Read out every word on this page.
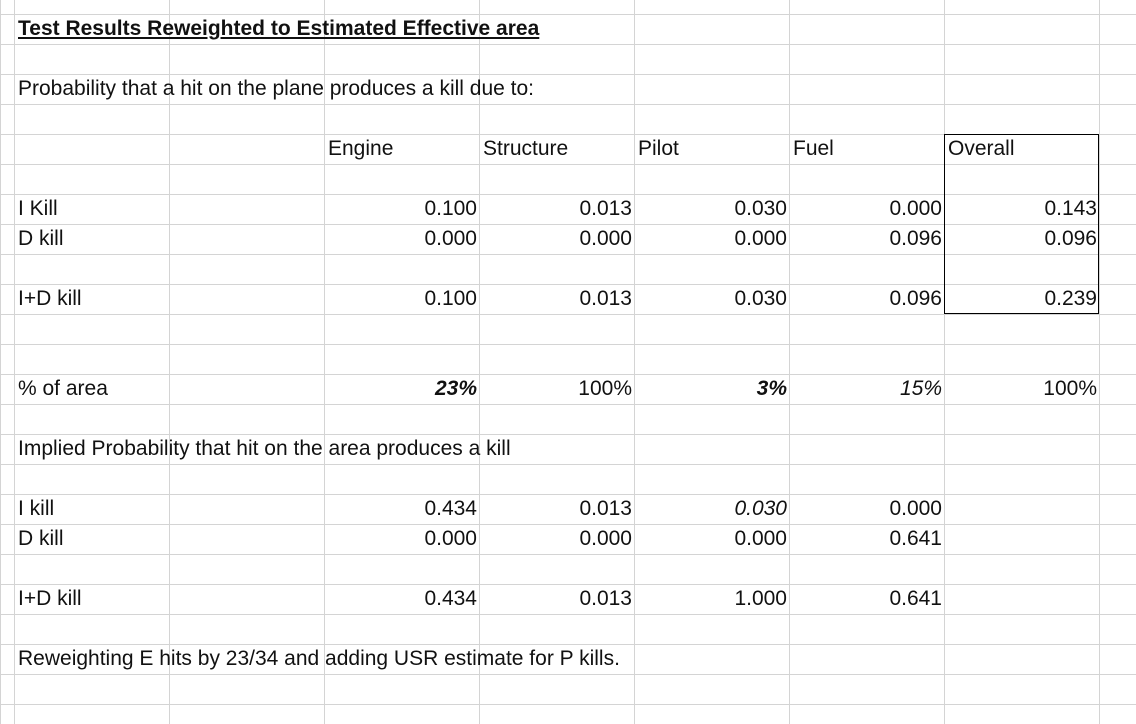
Test Results Reweighted to Estimated Effective area
Probability that a hit on the plane produces a kill due to:
Engine	Structure	Pilot	Fuel	Overall
I Kill	0.100	0.013	0.030	0.000	0.143
D kill	0.000	0.000	0.000	0.096	0.096
I+D kill	0.100	0.013	0.030	0.096	0.239
% of area	23%	100%	3%	15%	100%
Implied Probability that hit on the area produces a kill
I kill	0.434	0.013	0.030	0.000
D kill	0.000	0.000	0.000	0.641
I+D kill	0.434	0.013	1.000	0.641
Reweighting E hits by 23/34 and adding USR estimate for P kills.
